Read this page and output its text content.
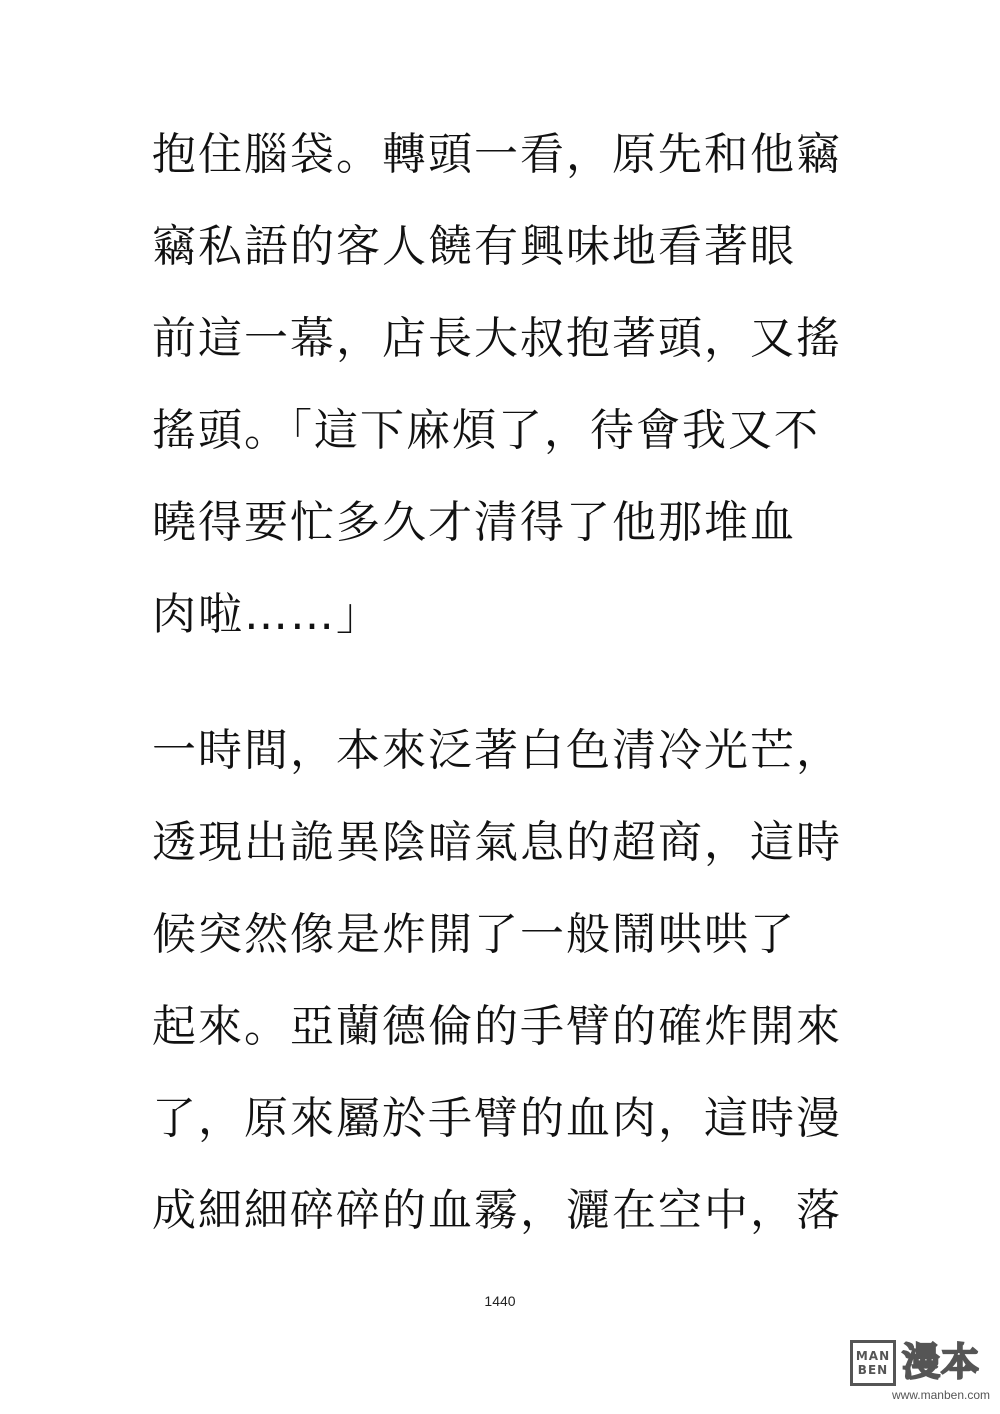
抱住腦袋。轉頭一看，原先和他竊
竊私語的客人饒有興味地看著眼
前這一幕，店長大叔抱著頭，又搖
搖頭。「這下麻煩了，待會我又不
曉得要忙多久才清得了他那堆血
肉啦……」
一時間，本來泛著白色清冷光芒，
透現出詭異陰暗氣息的超商，這時
候突然像是炸開了一般鬧哄哄了
起來。亞蘭德倫的手臂的確炸開來
了，原來屬於手臂的血肉，這時漫
成細細碎碎的血霧，灑在空中，落
1440
MAN
BEN 漫本
www.manben.com
